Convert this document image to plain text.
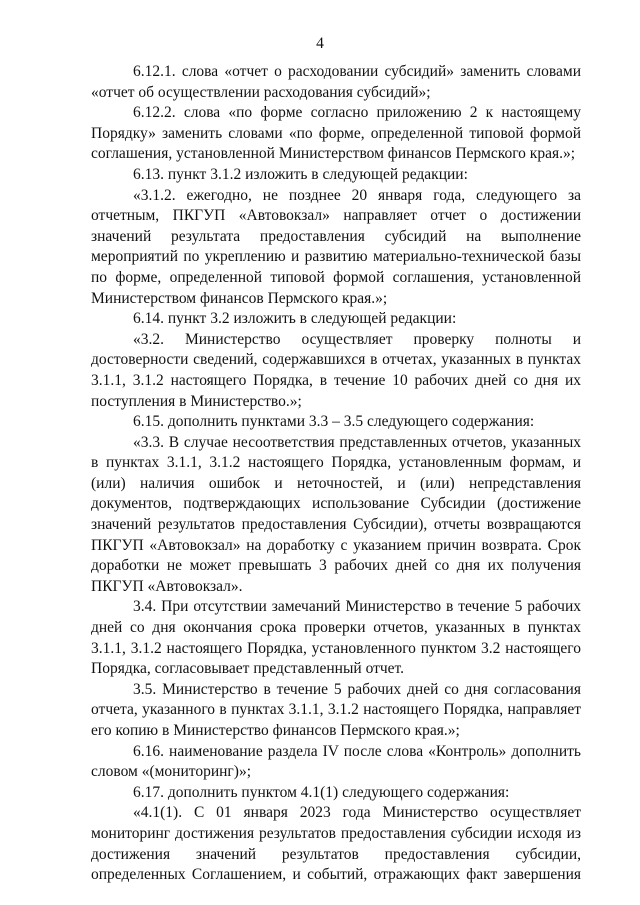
4

6.12.1. слова «отчет о расходовании субсидий» заменить словами «отчет об осуществлении расходования субсидий»;

6.12.2. слова «по форме согласно приложению 2 к настоящему Порядку» заменить словами «по форме, определенной типовой формой соглашения, установленной Министерством финансов Пермского края.»;

6.13. пункт 3.1.2 изложить в следующей редакции:

«3.1.2. ежегодно, не позднее 20 января года, следующего за отчетным, ПКГУП «Автовокзал» направляет отчет о достижении значений результата предоставления субсидий на выполнение мероприятий по укреплению и развитию материально-технической базы по форме, определенной типовой формой соглашения, установленной Министерством финансов Пермского края.»;

6.14. пункт 3.2 изложить в следующей редакции:

«3.2. Министерство осуществляет проверку полноты и достоверности сведений, содержавшихся в отчетах, указанных в пунктах 3.1.1, 3.1.2 настоящего Порядка, в течение 10 рабочих дней со дня их поступления в Министерство.»;

6.15. дополнить пунктами 3.3 – 3.5 следующего содержания:

«3.3. В случае несоответствия представленных отчетов, указанных в пунктах 3.1.1, 3.1.2 настоящего Порядка, установленным формам, и (или) наличия ошибок и неточностей, и (или) непредставления документов, подтверждающих использование Субсидии (достижение значений результатов предоставления Субсидии), отчеты возвращаются ПКГУП «Автовокзал» на доработку с указанием причин возврата. Срок доработки не может превышать 3 рабочих дней со дня их получения ПКГУП «Автовокзал».

3.4. При отсутствии замечаний Министерство в течение 5 рабочих дней со дня окончания срока проверки отчетов, указанных в пунктах 3.1.1, 3.1.2 настоящего Порядка, установленного пунктом 3.2 настоящего Порядка, согласовывает представленный отчет.

3.5. Министерство в течение 5 рабочих дней со дня согласования отчета, указанного в пунктах 3.1.1, 3.1.2 настоящего Порядка, направляет его копию в Министерство финансов Пермского края.»;

6.16. наименование раздела IV после слова «Контроль» дополнить словом «(мониторинг)»;

6.17. дополнить пунктом 4.1(1) следующего содержания:

«4.1(1). С 01 января 2023 года Министерство осуществляет мониторинг достижения результатов предоставления субсидии исходя из достижения значений результатов предоставления субсидии, определенных Соглашением, и событий, отражающих факт завершения
